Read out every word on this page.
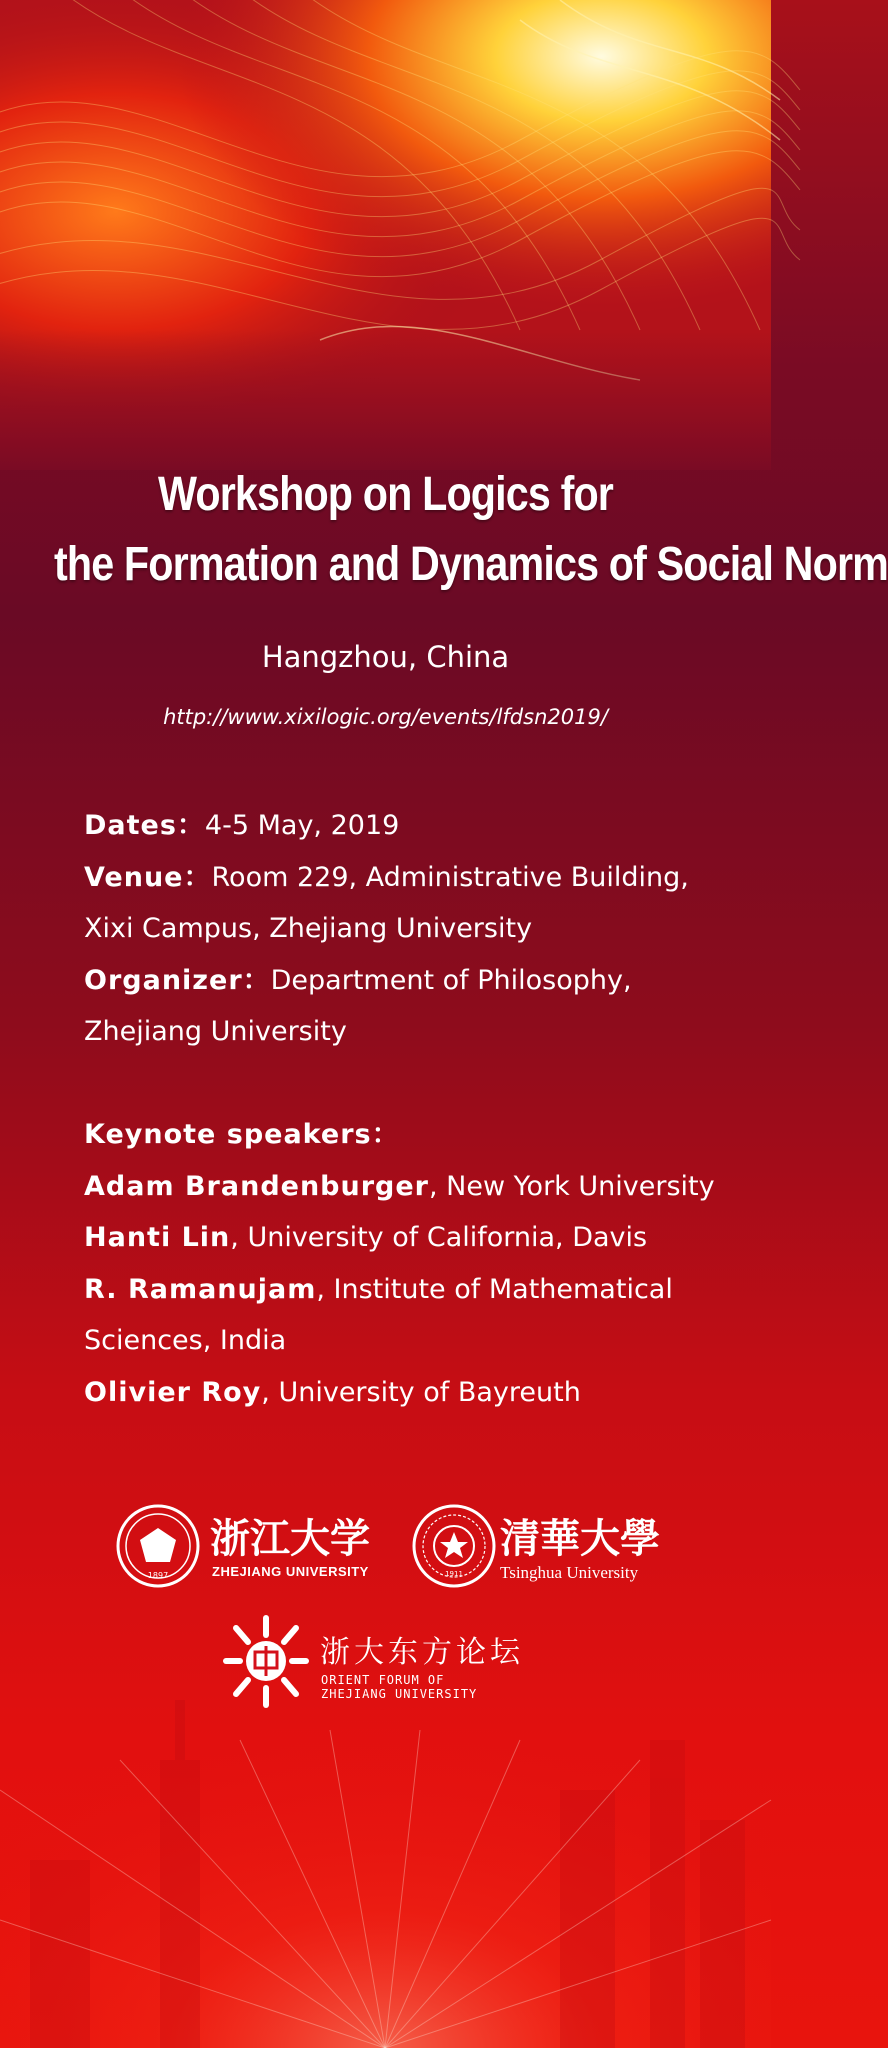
Workshop on Logics for
the Formation and Dynamics of Social Norm
Hangzhou, China
http://www.xixilogic.org/events/lfdsn2019/

Dates：4-5 May, 2019

Venue：Room 229, Administrative Building,

Xixi Campus, Zhejiang University

Organizer：Department of Philosophy,

Zhejiang University

Keynote speakers：

Adam Brandenburger, New York University

Hanti Lin, University of California, Davis

R. Ramanujam, Institute of Mathematical

Sciences, India

Olivier Roy, University of Bayreuth

1897
浙江大学
ZHEJIANG UNIVERSITY	1911
清華大學
Tsinghua University
浙大东方论坛
ORIENT FORUM OF
ZHEJIANG UNIVERSITY
